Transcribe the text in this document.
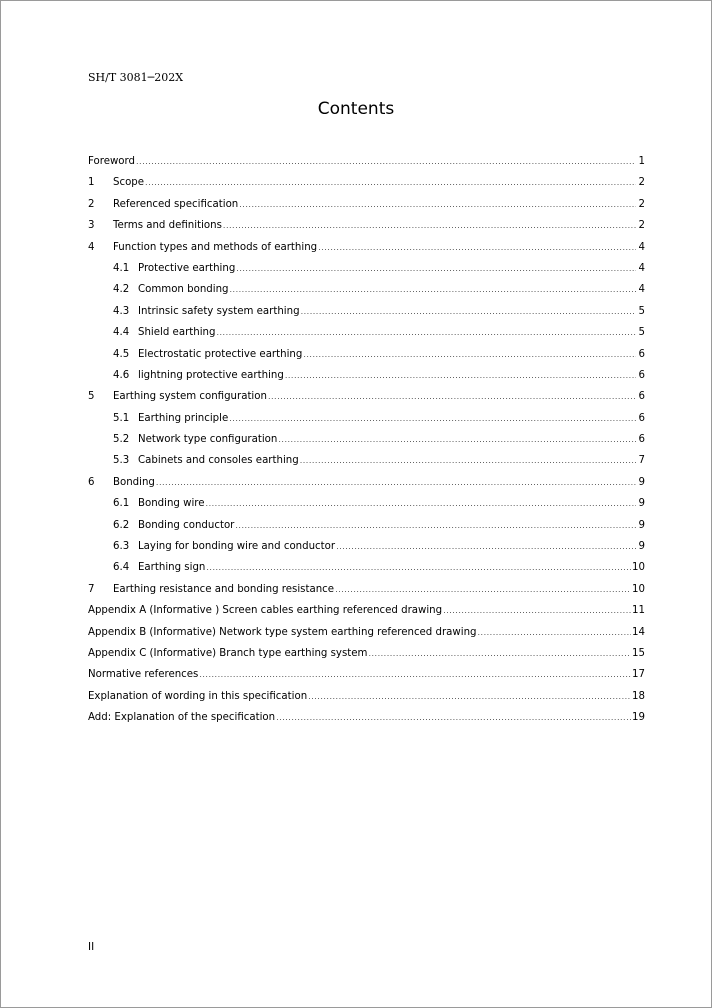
SH/T 3081─202X
Contents
Foreword .....	1
1	Scope .....	2
2	Referenced specification .....	2
3	Terms and definitions .....	2
4	Function types and methods of earthing .....	4
4.1 Protective earthing .....	4
4.2 Common bonding .....	4
4.3 Intrinsic safety system earthing .....	5
4.4 Shield earthing .....	5
4.5 Electrostatic protective earthing .....	6
4.6 lightning protective earthing .....	6
5	Earthing system configuration .....	6
5.1 Earthing principle .....	6
5.2 Network type configuration .....	6
5.3 Cabinets and consoles earthing .....	7
6	Bonding .....	9
6.1 Bonding wire .....	9
6.2 Bonding conductor .....	9
6.3 Laying for bonding wire and conductor .....	9
6.4 Earthing sign .....	10
7	Earthing resistance and bonding resistance .....	10
Appendix A (Informative ) Screen cables earthing referenced drawing .....	11
Appendix B (Informative) Network type system earthing referenced drawing .....	14
Appendix C (Informative) Branch type earthing system .....	15
Normative references .....	17
Explanation of wording in this specification .....	18
Add: Explanation of the specification .....	19
II
